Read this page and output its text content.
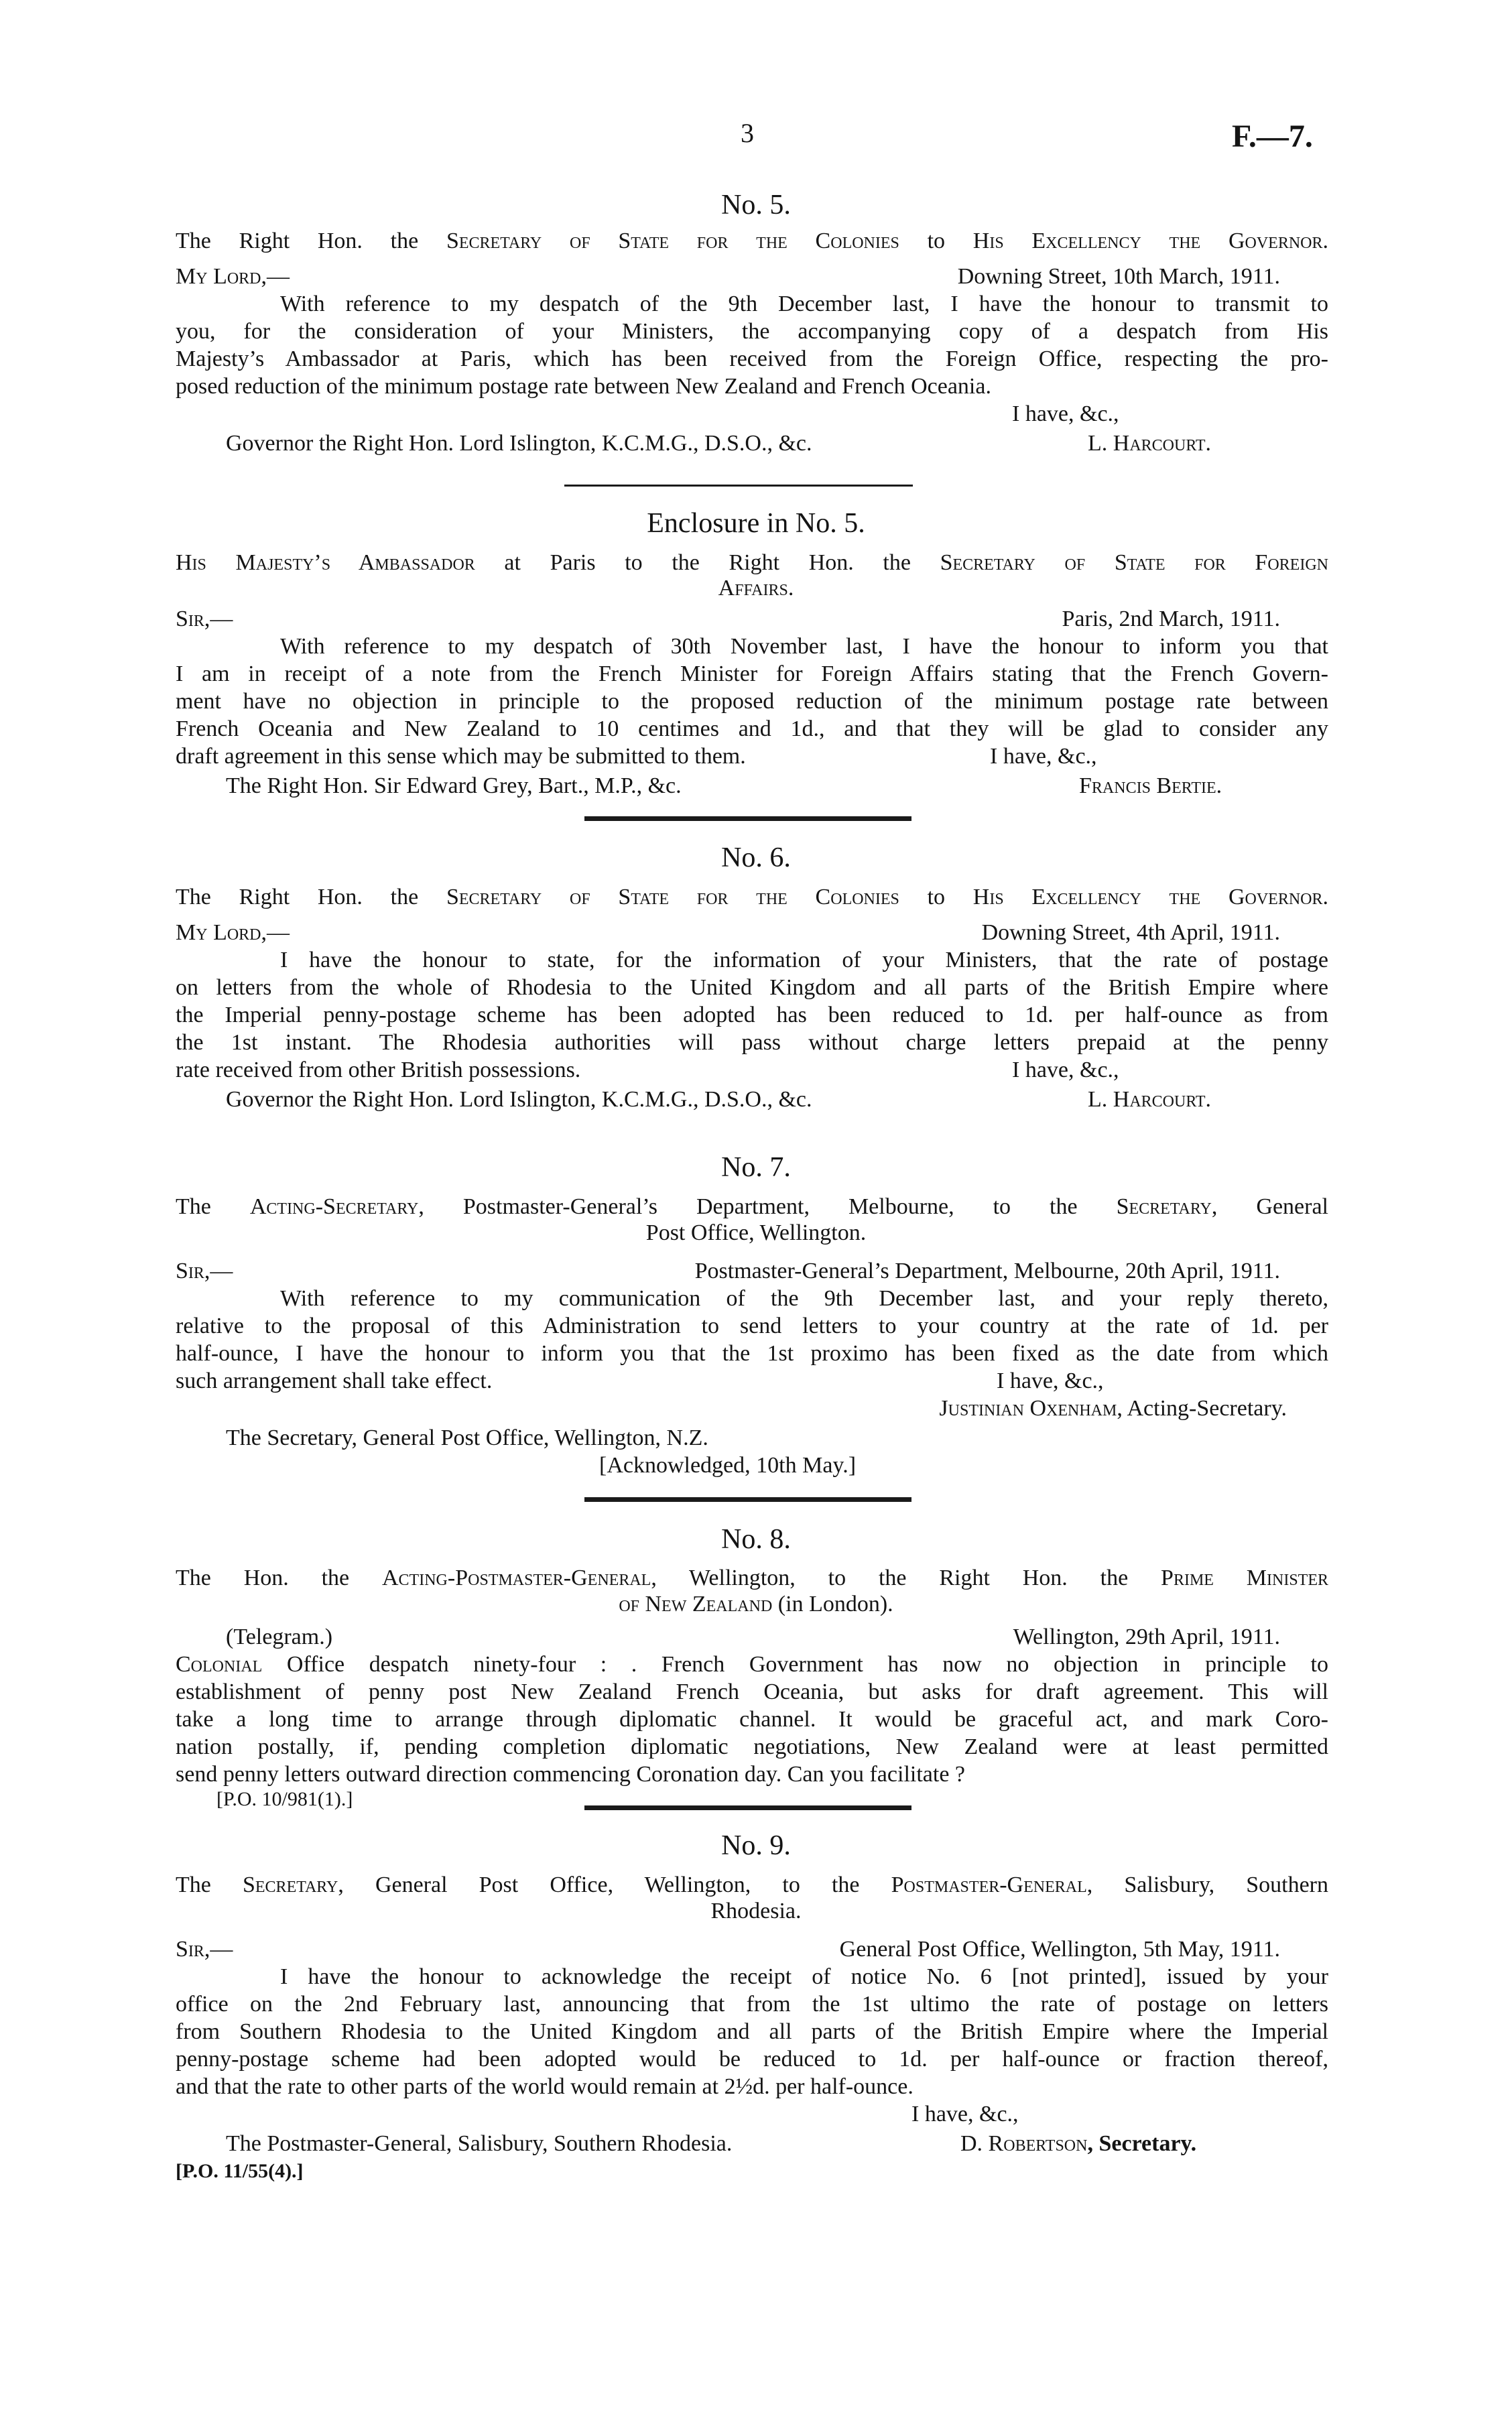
3	F.—7.
No. 5.
The Right Hon. the Secretary of State for the Colonies to His Excellency the Governor.
My Lord,—	Downing Street, 10th March, 1911.
With reference to my despatch of the 9th December last, I have the honour to transmit to
you, for the consideration of your Ministers, the accompanying copy of a despatch from His
Majesty’s Ambassador at Paris, which has been received from the Foreign Office, respecting the pro-
posed reduction of the minimum postage rate between New Zealand and French Oceania.
I have, &c.,
Governor the Right Hon. Lord Islington, K.C.M.G., D.S.O., &c.	L. Harcourt.
Enclosure in No. 5.
His Majesty’s Ambassador at Paris to the Right Hon. the Secretary of State for Foreign
Affairs.
Sir,—	Paris, 2nd March, 1911.
With reference to my despatch of 30th November last, I have the honour to inform you that
I am in receipt of a note from the French Minister for Foreign Affairs stating that the French Govern-
ment have no objection in principle to the proposed reduction of the minimum postage rate between
French Oceania and New Zealand to 10 centimes and 1d., and that they will be glad to consider any
draft agreement in this sense which may be submitted to them.	I have, &c.,
The Right Hon. Sir Edward Grey, Bart., M.P., &c.	Francis Bertie.
No. 6.
The Right Hon. the Secretary of State for the Colonies to His Excellency the Governor.
My Lord,—	Downing Street, 4th April, 1911.
I have the honour to state, for the information of your Ministers, that the rate of postage
on letters from the whole of Rhodesia to the United Kingdom and all parts of the British Empire where
the Imperial penny-postage scheme has been adopted has been reduced to 1d. per half-ounce as from
the 1st instant. The Rhodesia authorities will pass without charge letters prepaid at the penny
rate received from other British possessions.	I have, &c.,
Governor the Right Hon. Lord Islington, K.C.M.G., D.S.O., &c.	L. Harcourt.
No. 7.
The Acting-Secretary, Postmaster-General’s Department, Melbourne, to the Secretary, General
Post Office, Wellington.
Sir,—	Postmaster-General’s Department, Melbourne, 20th April, 1911.
With reference to my communication of the 9th December last, and your reply thereto,
relative to the proposal of this Administration to send letters to your country at the rate of 1d. per
half-ounce, I have the honour to inform you that the 1st proximo has been fixed as the date from which
such arrangement shall take effect.	I have, &c.,
Justinian Oxenham, Acting-Secretary.
The Secretary, General Post Office, Wellington, N.Z.
[Acknowledged, 10th May.]
No. 8.
The Hon. the Acting-Postmaster-General, Wellington, to the Right Hon. the Prime Minister
of New Zealand (in London).
(Telegram.)	Wellington, 29th April, 1911.
Colonial Office despatch ninety-four : . French Government has now no objection in principle to
establishment of penny post New Zealand French Oceania, but asks for draft agreement. This will
take a long time to arrange through diplomatic channel. It would be graceful act, and mark Coro-
nation postally, if, pending completion diplomatic negotiations, New Zealand were at least permitted
send penny letters outward direction commencing Coronation day. Can you facilitate ?
[P.O. 10/981(1).]
No. 9.
The Secretary, General Post Office, Wellington, to the Postmaster-General, Salisbury, Southern
Rhodesia.
Sir,—	General Post Office, Wellington, 5th May, 1911.
I have the honour to acknowledge the receipt of notice No. 6 [not printed], issued by your
office on the 2nd February last, announcing that from the 1st ultimo the rate of postage on letters
from Southern Rhodesia to the United Kingdom and all parts of the British Empire where the Imperial
penny-postage scheme had been adopted would be reduced to 1d. per half-ounce or fraction thereof,
and that the rate to other parts of the world would remain at 2½d. per half-ounce.
I have, &c.,
The Postmaster-General, Salisbury, Southern Rhodesia.	D. Robertson, Secretary.
[P.O. 11/55(4).]
